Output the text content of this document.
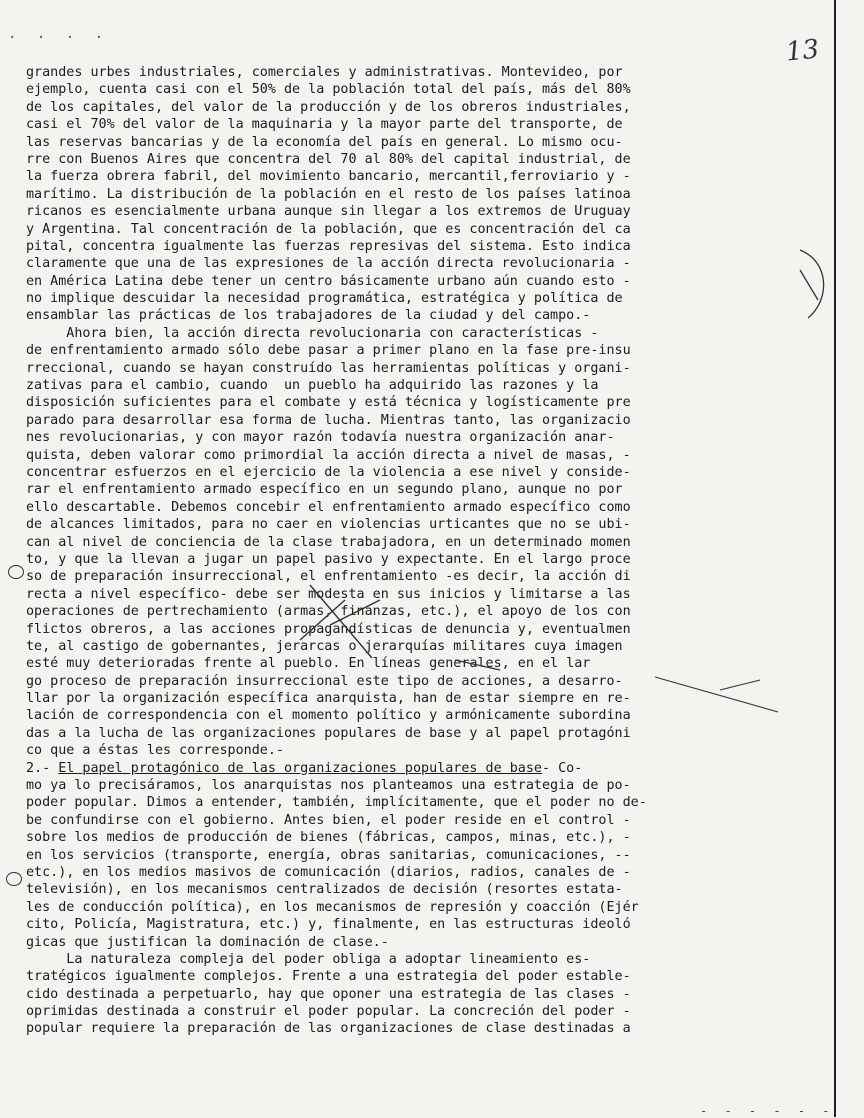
· · · ·	13
grandes urbes industriales, comerciales y administrativas. Montevideo, por
ejemplo, cuenta casi con el 50% de la población total del país, más del 80%
de los capitales, del valor de la producción y de los obreros industriales,
casi el 70% del valor de la maquinaria y la mayor parte del transporte, de
las reservas bancarias y de la economía del país en general. Lo mismo ocu-
rre con Buenos Aires que concentra del 70 al 80% del capital industrial, de
la fuerza obrera fabril, del movimiento bancario, mercantil,ferroviario y -
marítimo. La distribución de la población en el resto de los países latinoa
ricanos es esencialmente urbana aunque sin llegar a los extremos de Uruguay
y Argentina. Tal concentración de la población, que es concentración del ca
pital, concentra igualmente las fuerzas represivas del sistema. Esto indica
claramente que una de las expresiones de la acción directa revolucionaria -
en América Latina debe tener un centro básicamente urbano aún cuando esto -
no implique descuidar la necesidad programática, estratégica y política de
ensamblar las prácticas de los trabajadores de la ciudad y del campo.-
Ahora bien, la acción directa revolucionaria con características -
de enfrentamiento armado sólo debe pasar a primer plano en la fase pre-insu
rreccional, cuando se hayan construído las herramientas políticas y organi-
zativas para el cambio, cuando  un pueblo ha adquirido las razones y la
disposición suficientes para el combate y está técnica y logísticamente pre
parado para desarrollar esa forma de lucha. Mientras tanto, las organizacio
nes revolucionarias, y con mayor razón todavía nuestra organización anar-
quista, deben valorar como primordial la acción directa a nivel de masas, -
concentrar esfuerzos en el ejercicio de la violencia a ese nivel y conside-
rar el enfrentamiento armado específico en un segundo plano, aunque no por
ello descartable. Debemos concebir el enfrentamiento armado específico como
de alcances limitados, para no caer en violencias urticantes que no se ubi-
can al nivel de conciencia de la clase trabajadora, en un determinado momen
to, y que la llevan a jugar un papel pasivo y expectante. En el largo proce
so de preparación insurreccional, el enfrentamiento -es decir, la acción di
recta a nivel específico- debe ser modesta en sus inicios y limitarse a las
operaciones de pertrechamiento (armas, finanzas, etc.), el apoyo de los con
flictos obreros, a las acciones propagandísticas de denuncia y, eventualmen
te, al castigo de gobernantes, jerarcas o jerarquías militares cuya imagen
esté muy deterioradas frente al pueblo. En líneas generales, en el lar
go proceso de preparación insurreccional este tipo de acciones, a desarro-
llar por la organización específica anarquista, han de estar siempre en re-
lación de correspondencia con el momento político y armónicamente subordina
das a la lucha de las organizaciones populares de base y al papel protagóni
co que a éstas les corresponde.-
2.- El papel protagónico de las organizaciones populares de base- Co-
mo ya lo precisáramos, los anarquistas nos planteamos una estrategia de po-
poder popular. Dimos a entender, también, implícitamente, que el poder no de-
be confundirse con el gobierno. Antes bien, el poder reside en el control -
sobre los medios de producción de bienes (fábricas, campos, minas, etc.), -
en los servicios (transporte, energía, obras sanitarias, comunicaciones, --
etc.), en los medios masivos de comunicación (diarios, radios, canales de -
televisión), en los mecanismos centralizados de decisión (resortes estata-
les de conducción política), en los mecanismos de represión y coacción (Ejér
cito, Policía, Magistratura, etc.) y, finalmente, en las estructuras ideoló
gicas que justifican la dominación de clase.-
La naturaleza compleja del poder obliga a adoptar lineamiento es-
tratégicos igualmente complejos. Frente a una estrategia del poder estable-
cido destinada a perpetuarlo, hay que oponer una estrategia de las clases -
oprimidas destinada a construir el poder popular. La concreción del poder -
popular requiere la preparación de las organizaciones de clase destinadas a
- - - - - -
